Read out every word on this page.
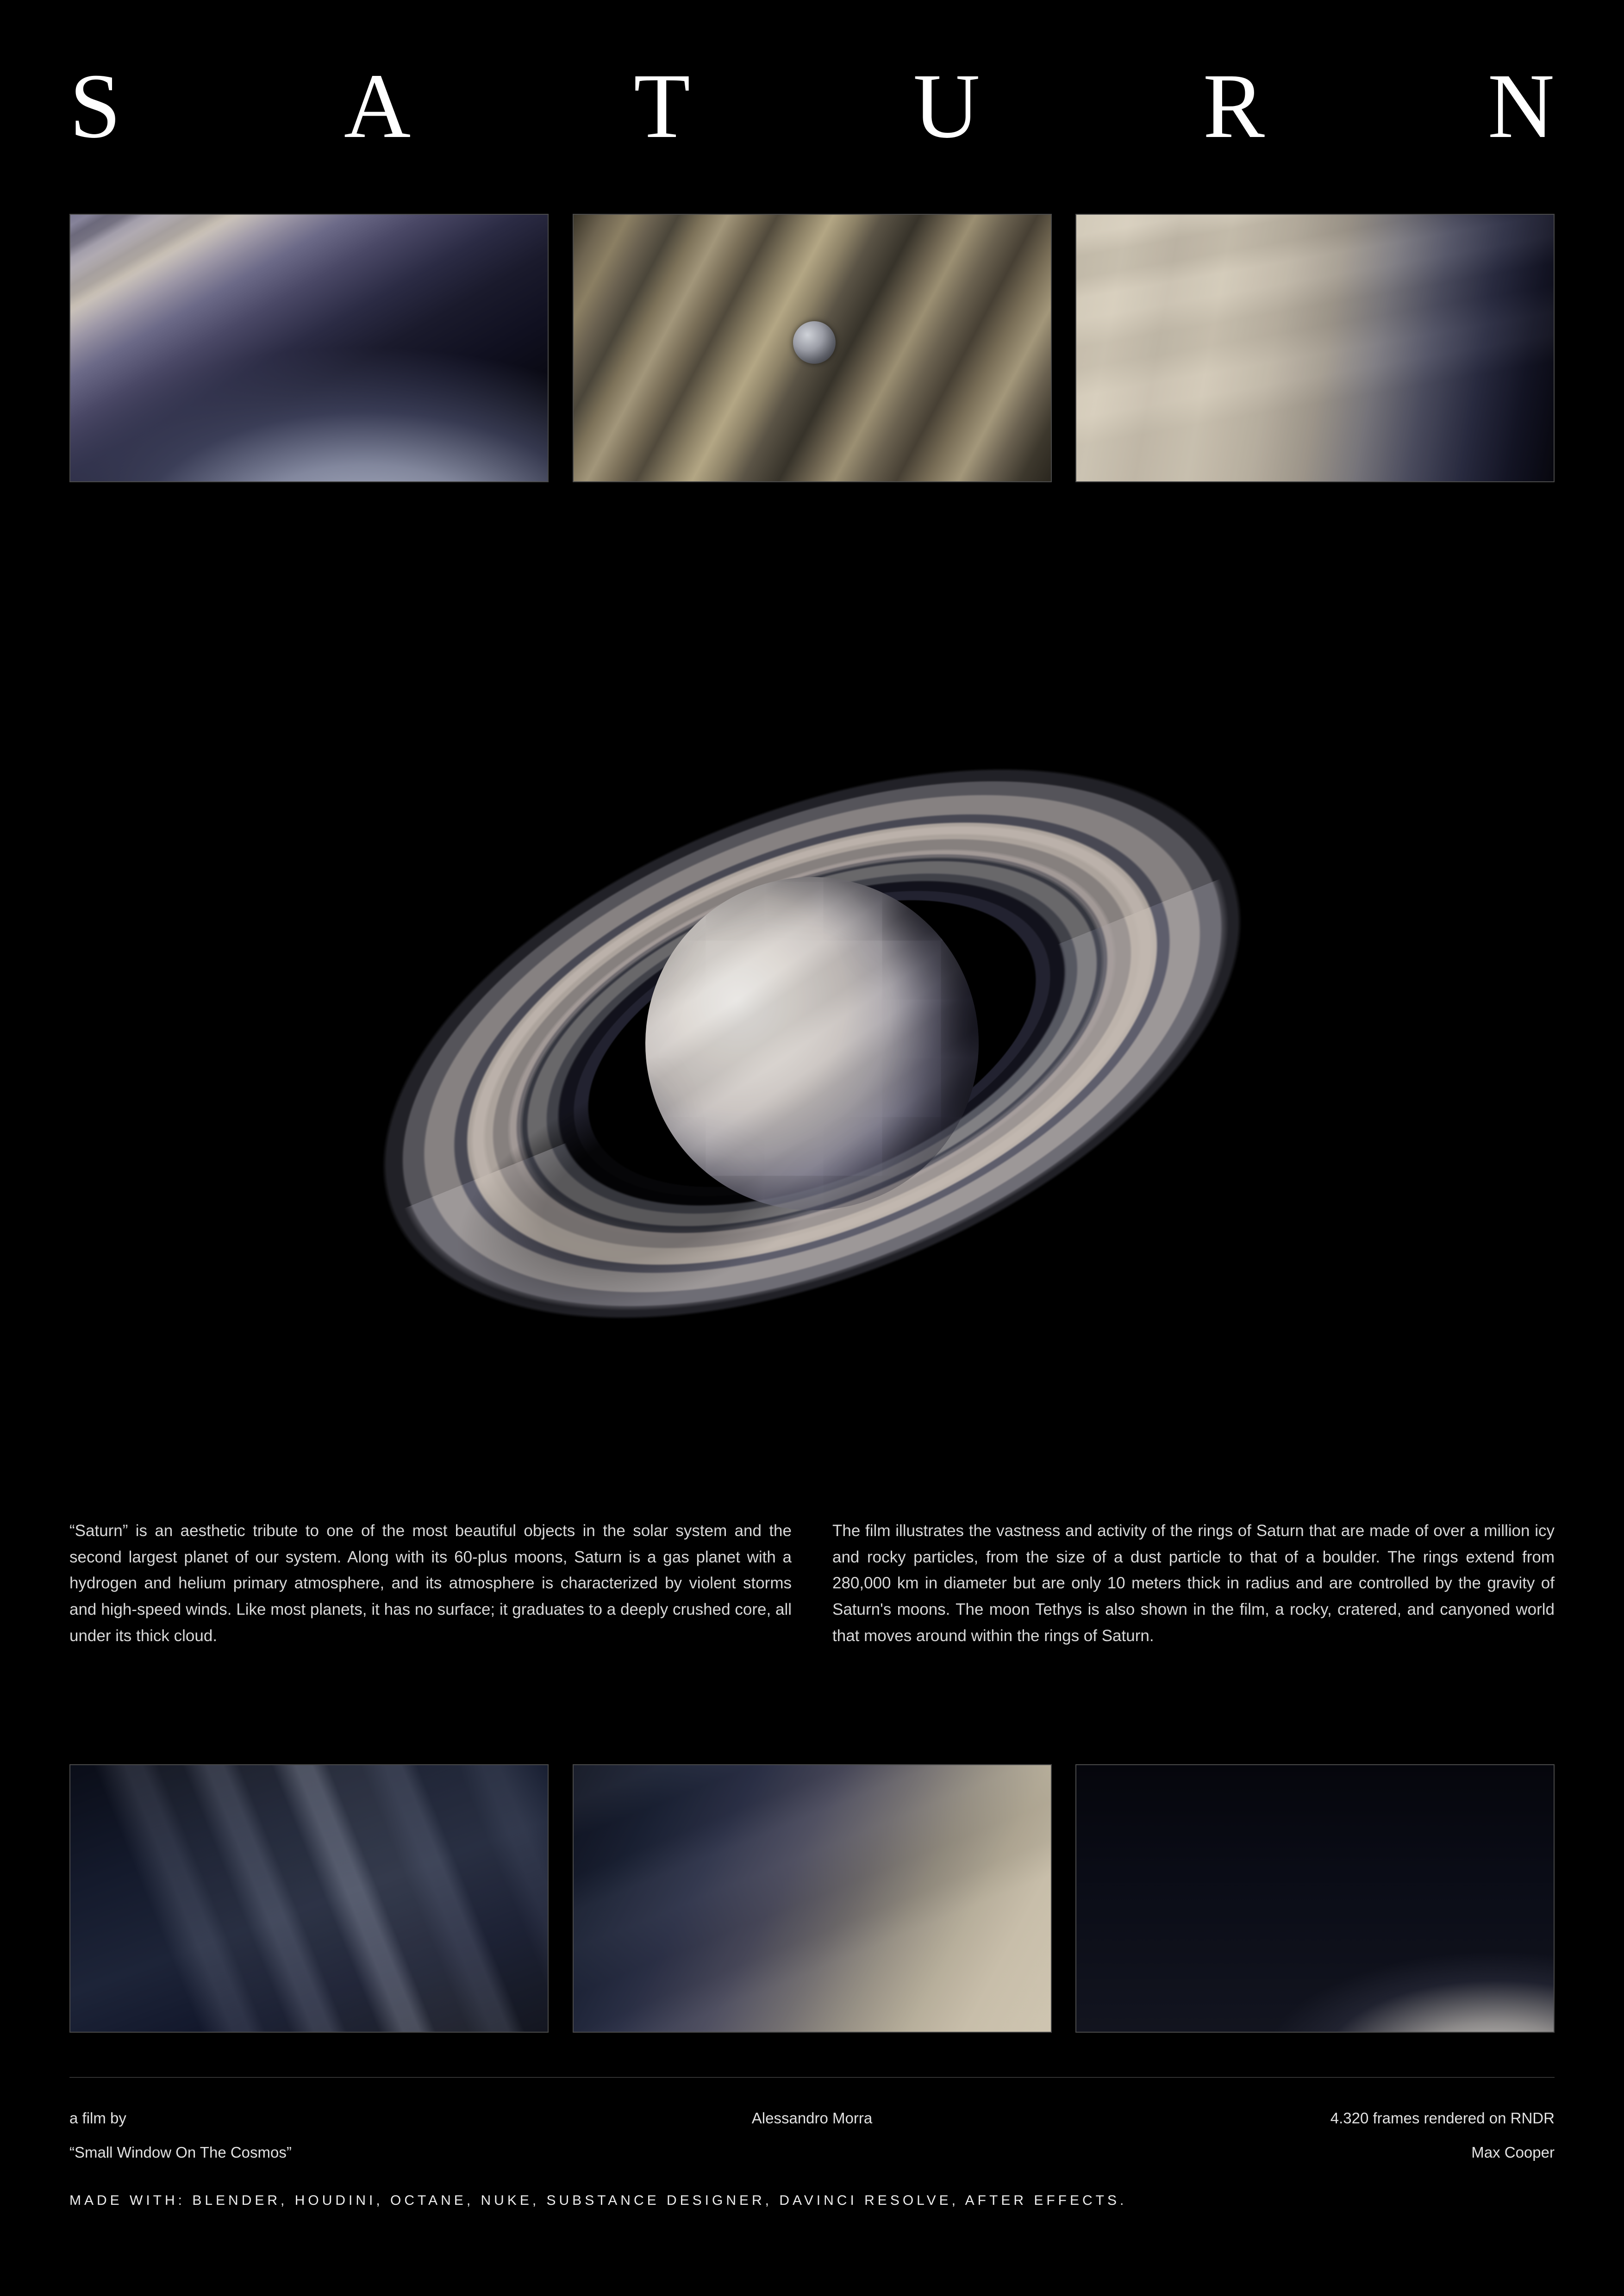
S A T U R N

“Saturn” is an aesthetic tribute to one of the most beautiful objects in the solar system and the second largest planet of our system. Along with its 60-plus moons, Saturn is a gas planet with a hydrogen and helium primary atmosphere, and its atmosphere is characterized by violent storms and high-speed winds. Like most planets, it has no surface; it graduates to a deeply crushed core, all under its thick cloud.

The film illustrates the vastness and activity of the rings of Saturn that are made of over a million icy and rocky particles, from the size of a dust particle to that of a boulder. The rings extend from 280,000 km in diameter but are only 10 meters thick in radius and are controlled by the gravity of Saturn's moons. The moon Tethys is also shown in the film, a rocky, cratered, and canyoned world that moves around within the rings of Saturn.

a film by	Alessandro Morra	4.320 frames rendered on RNDR
“Small Window On The Cosmos”	Max Cooper
MADE WITH: BLENDER, HOUDINI, OCTANE, NUKE, SUBSTANCE DESIGNER, DAVINCI RESOLVE, AFTER EFFECTS.
